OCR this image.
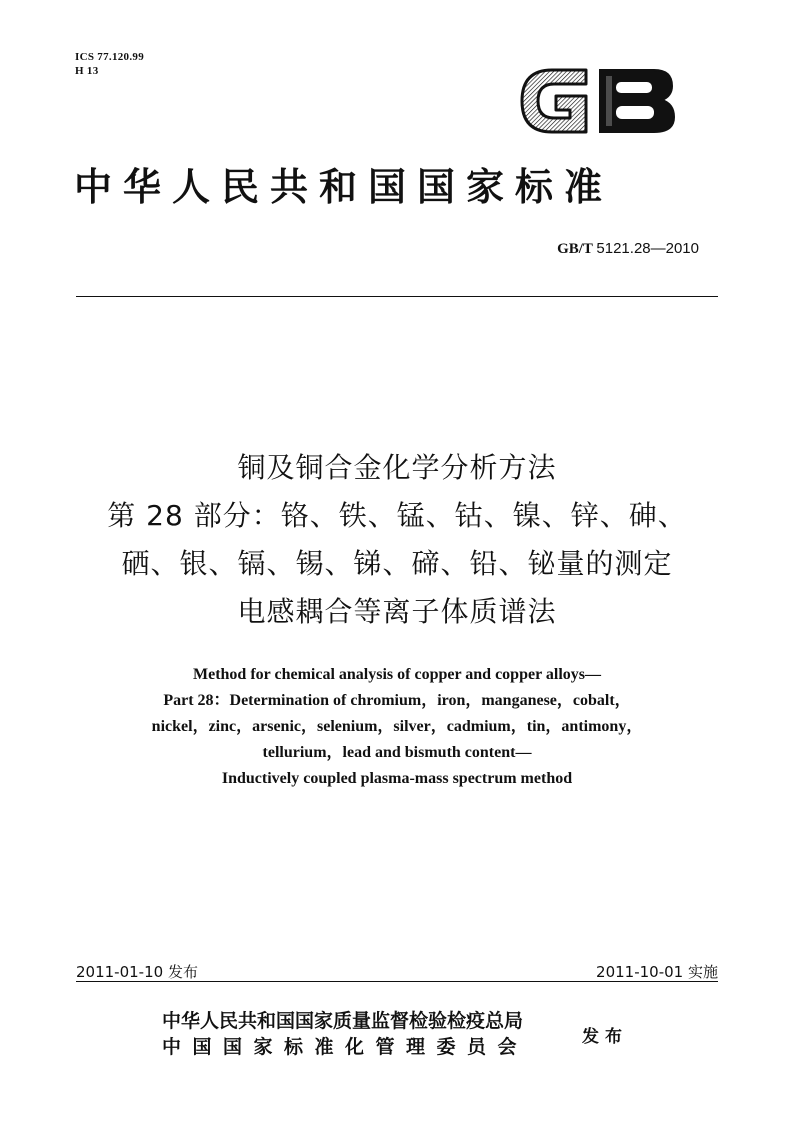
ICS 77.120.99
H 13
中华人民共和国国家标准
GB/T 5121.28—2010
铜及铜合金化学分析方法
第 28 部分：铬、铁、锰、钴、镍、锌、砷、
硒、银、镉、锡、锑、碲、铅、铋量的测定
电感耦合等离子体质谱法
Method for chemical analysis of copper and copper alloys—
Part 28：Determination of chromium，iron，manganese，cobalt，
nickel，zinc，arsenic，selenium，silver，cadmium，tin，antimony，
tellurium，lead and bismuth content—
Inductively coupled plasma-mass spectrum method
2011-01-10 发布	2011-10-01 实施
中华人民共和国国家质量监督检验检疫总局
中国国家标准化管理委员会	发布
